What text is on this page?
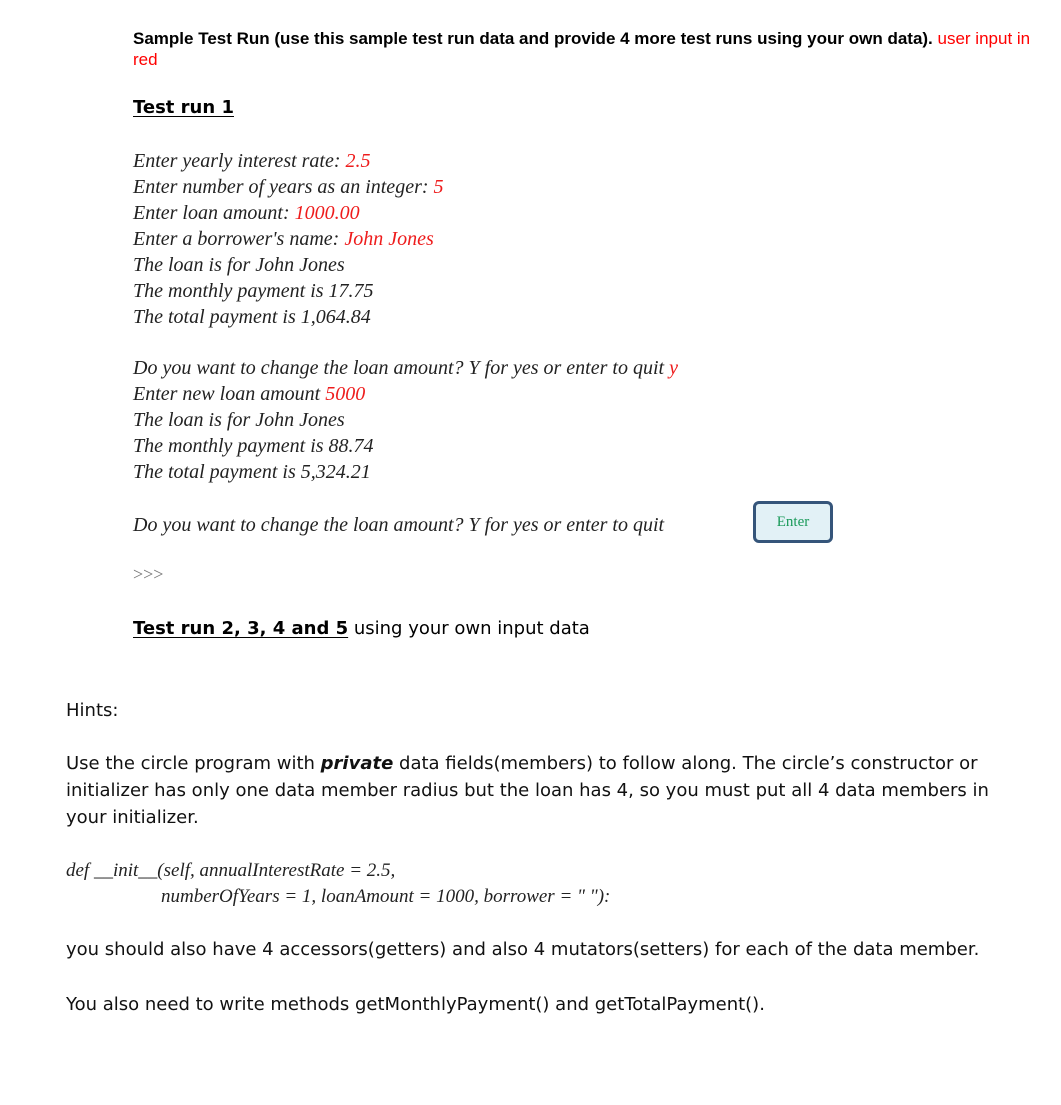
Sample Test Run (use this sample test run data and provide 4 more test runs using your own data). user input in red
Test run 1
Enter yearly interest rate: 2.5
Enter number of years as an integer: 5
Enter loan amount: 1000.00
Enter a borrower's name: John Jones
The loan is for John Jones
The monthly payment is 17.75
The total payment is 1,064.84
Do you want to change the loan amount? Y for yes or enter to quit y
Enter new loan amount 5000
The loan is for John Jones
The monthly payment is 88.74
The total payment is 5,324.21
Do you want to change the loan amount? Y for yes or enter to quit	Enter
>>>
Test run 2, 3, 4 and 5 using your own input data
Hints:
Use the circle program with private data fields(members) to follow along. The circle’s constructor or initializer has only one data member radius but the loan has 4, so you must put all 4 data members in your initializer.
def __init__(self, annualInterestRate = 2.5,
numberOfYears = 1, loanAmount = 1000, borrower = " "):
you should also have 4 accessors(getters) and also 4 mutators(setters) for each of the data member.
You also need to write methods getMonthlyPayment() and getTotalPayment().
